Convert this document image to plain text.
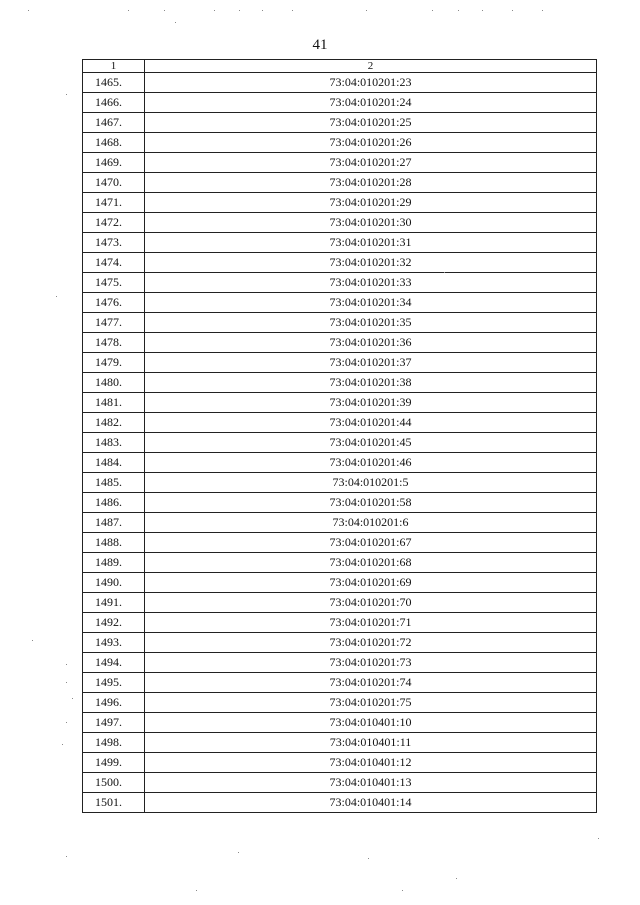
41
1	2
1465.	73:04:010201:23
1466.	73:04:010201:24
1467.	73:04:010201:25
1468.	73:04:010201:26
1469.	73:04:010201:27
1470.	73:04:010201:28
1471.	73:04:010201:29
1472.	73:04:010201:30
1473.	73:04:010201:31
1474.	73:04:010201:32
1475.	73:04:010201:33
1476.	73:04:010201:34
1477.	73:04:010201:35
1478.	73:04:010201:36
1479.	73:04:010201:37
1480.	73:04:010201:38
1481.	73:04:010201:39
1482.	73:04:010201:44
1483.	73:04:010201:45
1484.	73:04:010201:46
1485.	73:04:010201:5
1486.	73:04:010201:58
1487.	73:04:010201:6
1488.	73:04:010201:67
1489.	73:04:010201:68
1490.	73:04:010201:69
1491.	73:04:010201:70
1492.	73:04:010201:71
1493.	73:04:010201:72
1494.	73:04:010201:73
1495.	73:04:010201:74
1496.	73:04:010201:75
1497.	73:04:010401:10
1498.	73:04:010401:11
1499.	73:04:010401:12
1500.	73:04:010401:13
1501.	73:04:010401:14
